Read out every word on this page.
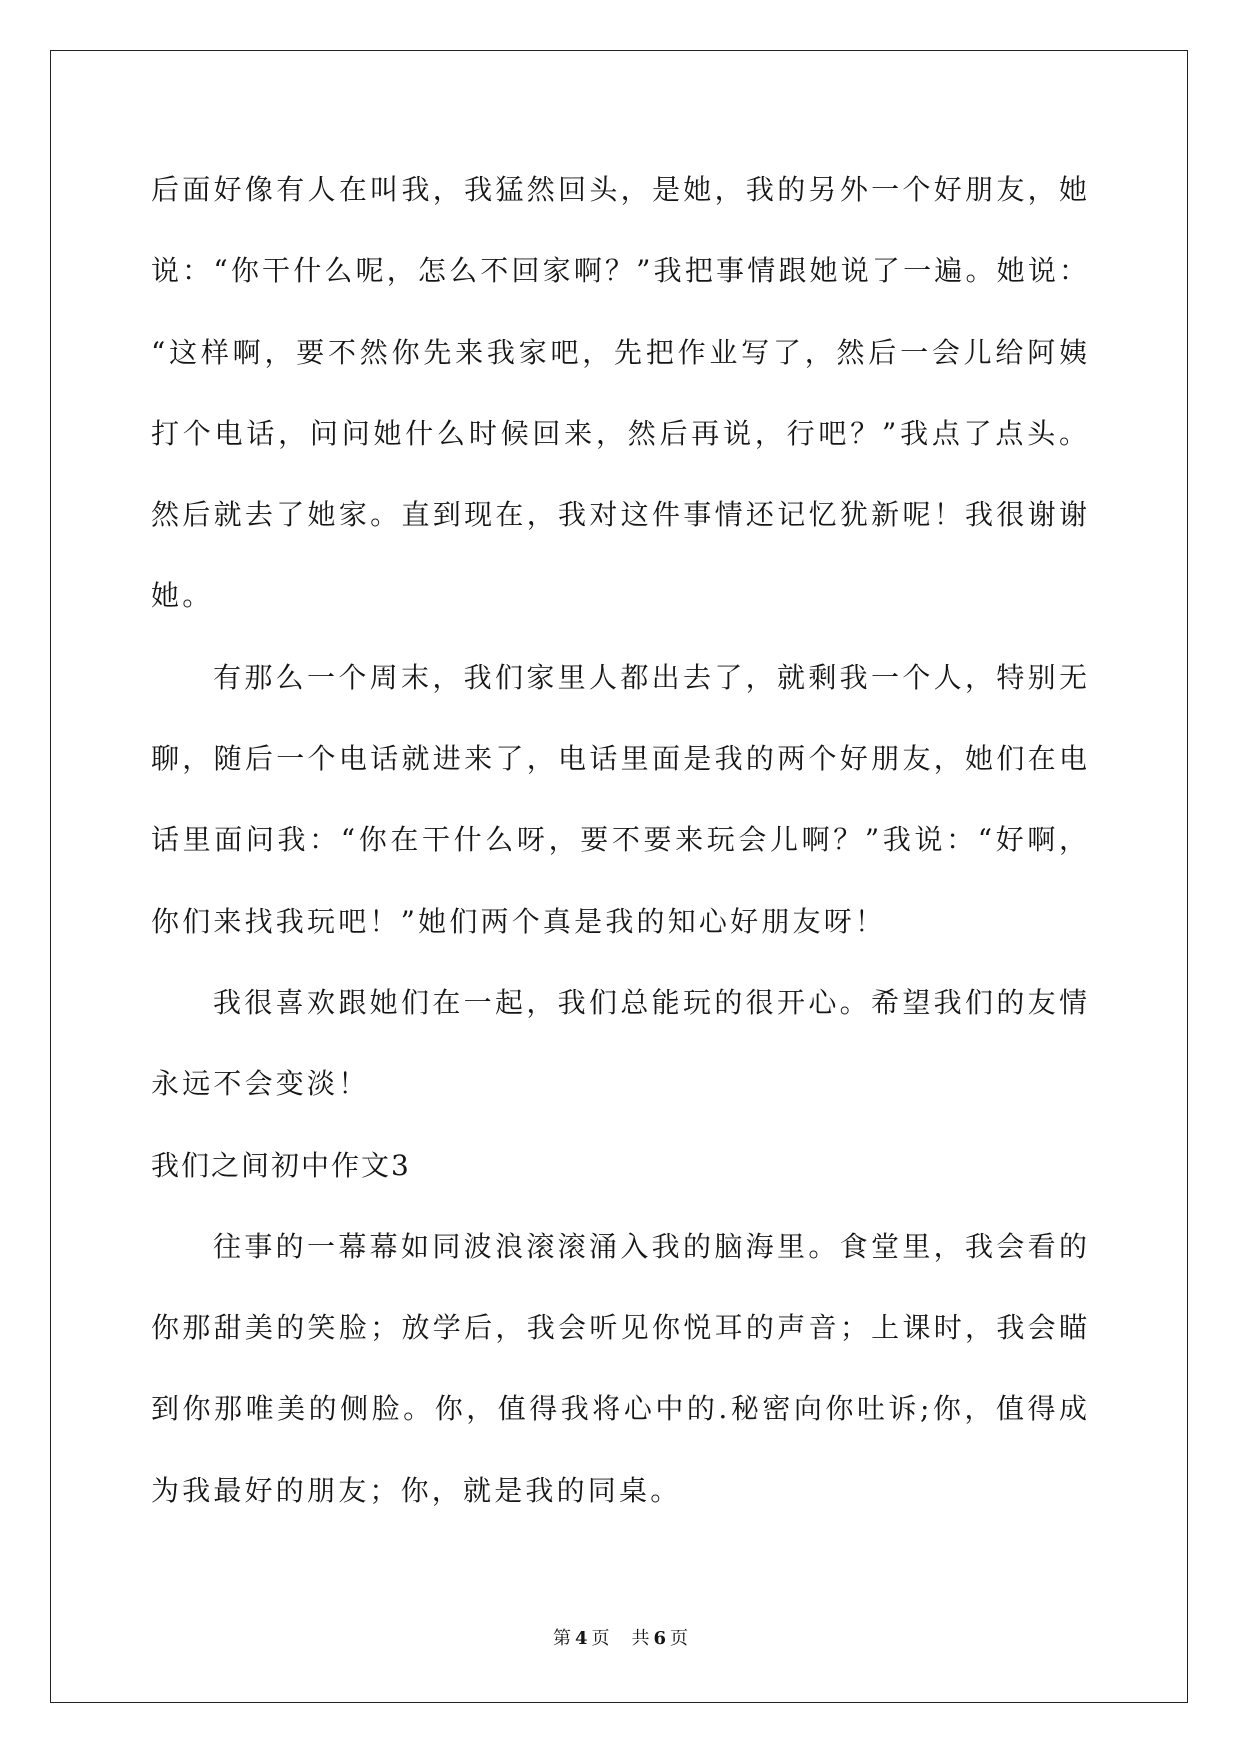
后面好像有人在叫我，我猛然回头，是她，我的另外一个好朋友，她
说：“你干什么呢，怎么不回家啊？”我把事情跟她说了一遍。她说：
“这样啊，要不然你先来我家吧，先把作业写了，然后一会儿给阿姨
打个电话，问问她什么时候回来，然后再说，行吧？”我点了点头。
然后就去了她家。直到现在，我对这件事情还记忆犹新呢！我很谢谢
她。
有那么一个周末，我们家里人都出去了，就剩我一个人，特别无
聊，随后一个电话就进来了，电话里面是我的两个好朋友，她们在电
话里面问我：“你在干什么呀，要不要来玩会儿啊？”我说：“好啊，
你们来找我玩吧！”她们两个真是我的知心好朋友呀！
我很喜欢跟她们在一起，我们总能玩的很开心。希望我们的友情
永远不会变淡！
我们之间初中作文3
往事的一幕幕如同波浪滚滚涌入我的脑海里。食堂里，我会看的
你那甜美的笑脸；放学后，我会听见你悦耳的声音；上课时，我会瞄
到你那唯美的侧脸。你，值得我将心中的.秘密向你吐诉;你，值得成
为我最好的朋友；你，就是我的同桌。
第 4 页 共 6 页
